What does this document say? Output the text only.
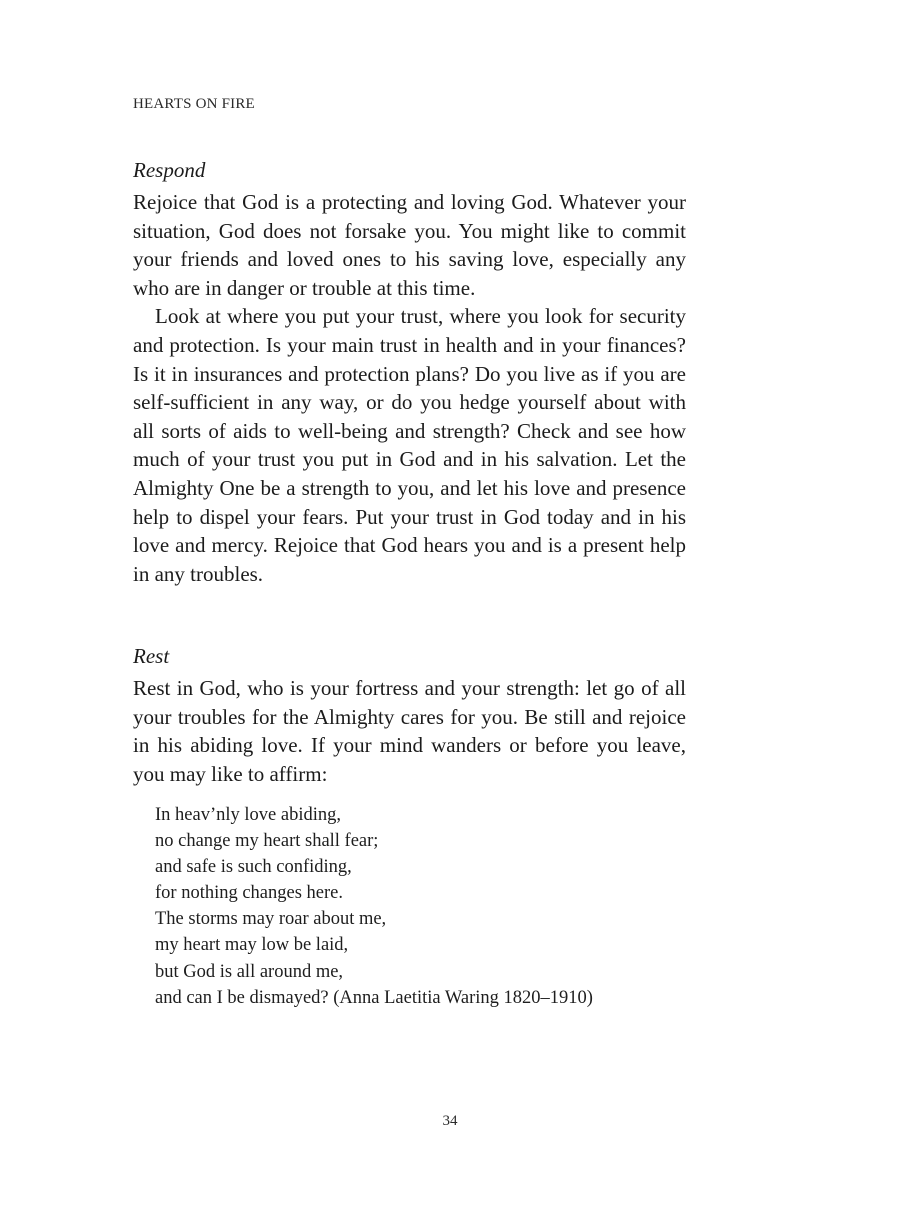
HEARTS ON FIRE
Respond

Rejoice that God is a protecting and loving God. Whatever your situation, God does not forsake you. You might like to commit your friends and loved ones to his saving love, especially any who are in danger or trouble at this time.

Look at where you put your trust, where you look for security and protection. Is your main trust in health and in your finances? Is it in insurances and protection plans? Do you live as if you are self-sufficient in any way, or do you hedge yourself about with all sorts of aids to well-being and strength? Check and see how much of your trust you put in God and in his salvation. Let the Almighty One be a strength to you, and let his love and presence help to dispel your fears. Put your trust in God today and in his love and mercy. Rejoice that God hears you and is a present help in any troubles.

Rest

Rest in God, who is your fortress and your strength: let go of all your troubles for the Almighty cares for you. Be still and rejoice in his abiding love. If your mind wanders or before you leave, you may like to affirm:

In heav’nly love abiding,
no change my heart shall fear;
and safe is such confiding,
for nothing changes here.
The storms may roar about me,
my heart may low be laid,
but God is all around me,
and can I be dismayed? (Anna Laetitia Waring 1820–1910)
34
